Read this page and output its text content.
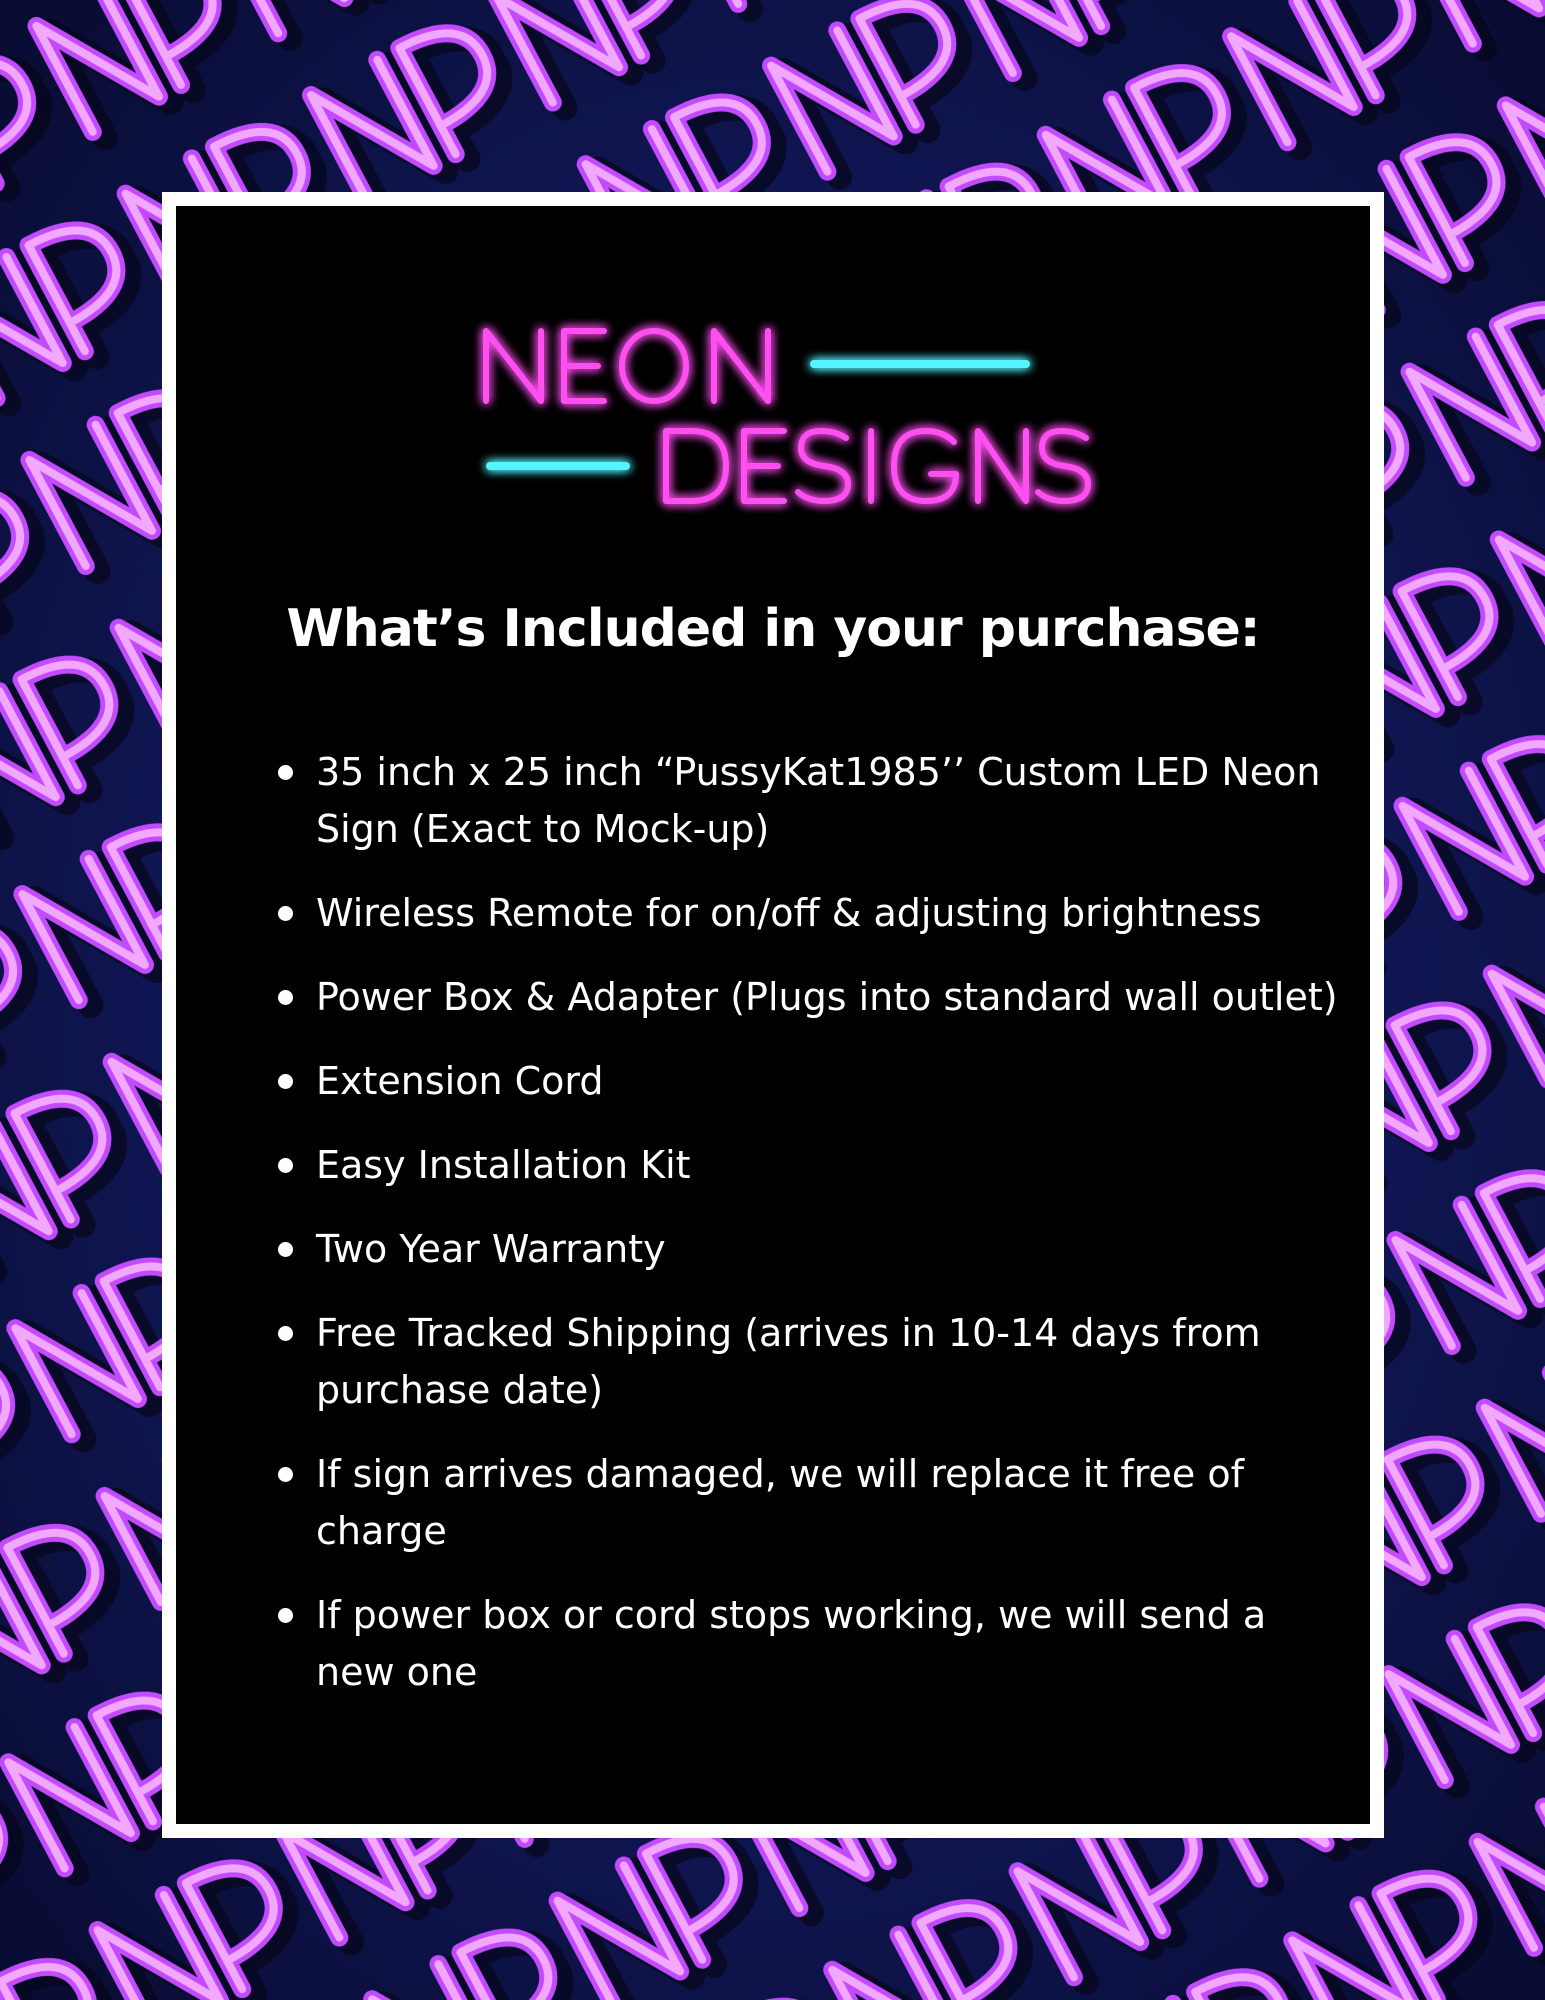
What’s Included in your purchase:
35 inch x 25 inch “PussyKat1985’’ Custom LED Neon Sign (Exact to Mock-up)
Wireless Remote for on/off & adjusting brightness
Power Box & Adapter (Plugs into standard wall outlet)
Extension Cord
Easy Installation Kit
Two Year Warranty
Free Tracked Shipping (arrives in 10-14 days from purchase date)
If sign arrives damaged, we will replace it free of charge
If power box or cord stops working, we will send a new one
